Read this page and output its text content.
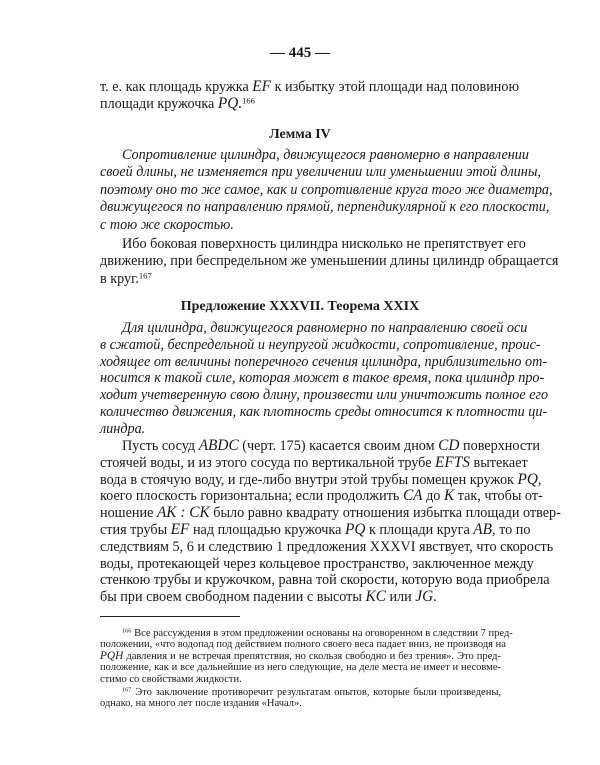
— 445 —
т. е. как площадь кружка EF к избытку этой площади над половиною
площади кружочка PQ.$^{166}$
Лемма IV
Сопротивление цилиндра, движущегося равномерно в направлении
своей длины, не изменяется при увеличении или уменьшении этой длины,
поэтому оно то же самое, как и сопротивление круга того же диаметра,
движущегося по направлению прямой, перпендикулярной к его плоскости,
с тою же скоростью.
Ибо боковая поверхность цилиндра нисколько не препятствует его
движению, при беспредельном же уменьшении длины цилиндр обращается
в круг.$^{167}$
Предложение XXXVII. Теорема XXIX
Для цилиндра, движущегося равномерно по направлению своей оси
в сжатой, беспредельной и неупругой жидкости, сопротивление, проис-
ходящее от величины поперечного сечения цилиндра, приблизительно от-
носится к такой силе, которая может в такое время, пока цилиндр про-
ходит учетверенную свою длину, произвести или уничтожить полное его
количество движения, как плотность среды относится к плотности ци-
линдра.
Пусть сосуд ABDC (черт. 175) касается своим дном CD поверхности
стоячей воды, и из этого сосуда по вертикальной трубе EFTS вытекает
вода в стоячую воду, и где-либо внутри этой трубы помещен кружок PQ,
коего плоскость горизонтальна; если продолжить CA до K так, чтобы от-
ношение AK : CK было равно квадрату отношения избытка площади отвер-
стия трубы EF над площадью кружочка PQ к площади круга AB, то по
следствиям 5, 6 и следствию 1 предложения XXXVI явствует, что скорость
воды, протекающей через кольцевое пространство, заключенное между
стенкою трубы и кружочком, равна той скорости, которую вода приобрела
бы при своем свободном падении с высоты KC или JG.
$^{166}$ Все рассуждения в этом предложении основаны на оговоренном в следствии 7 пред-
положении, «что водопад под действием полного своего веса падает вниз, не производя на
PQH давления и не встречая препятствия, но скользя свободно и без трения». Это пред-
положение, как и все дальнейшие из него следующие, на деле места не имеет и несовме-
стимо со свойствами жидкости.
$^{167}$ Это заключение противоречит результатам опытов, которые были произведены,
однако, на много лет после издания «Начал».
